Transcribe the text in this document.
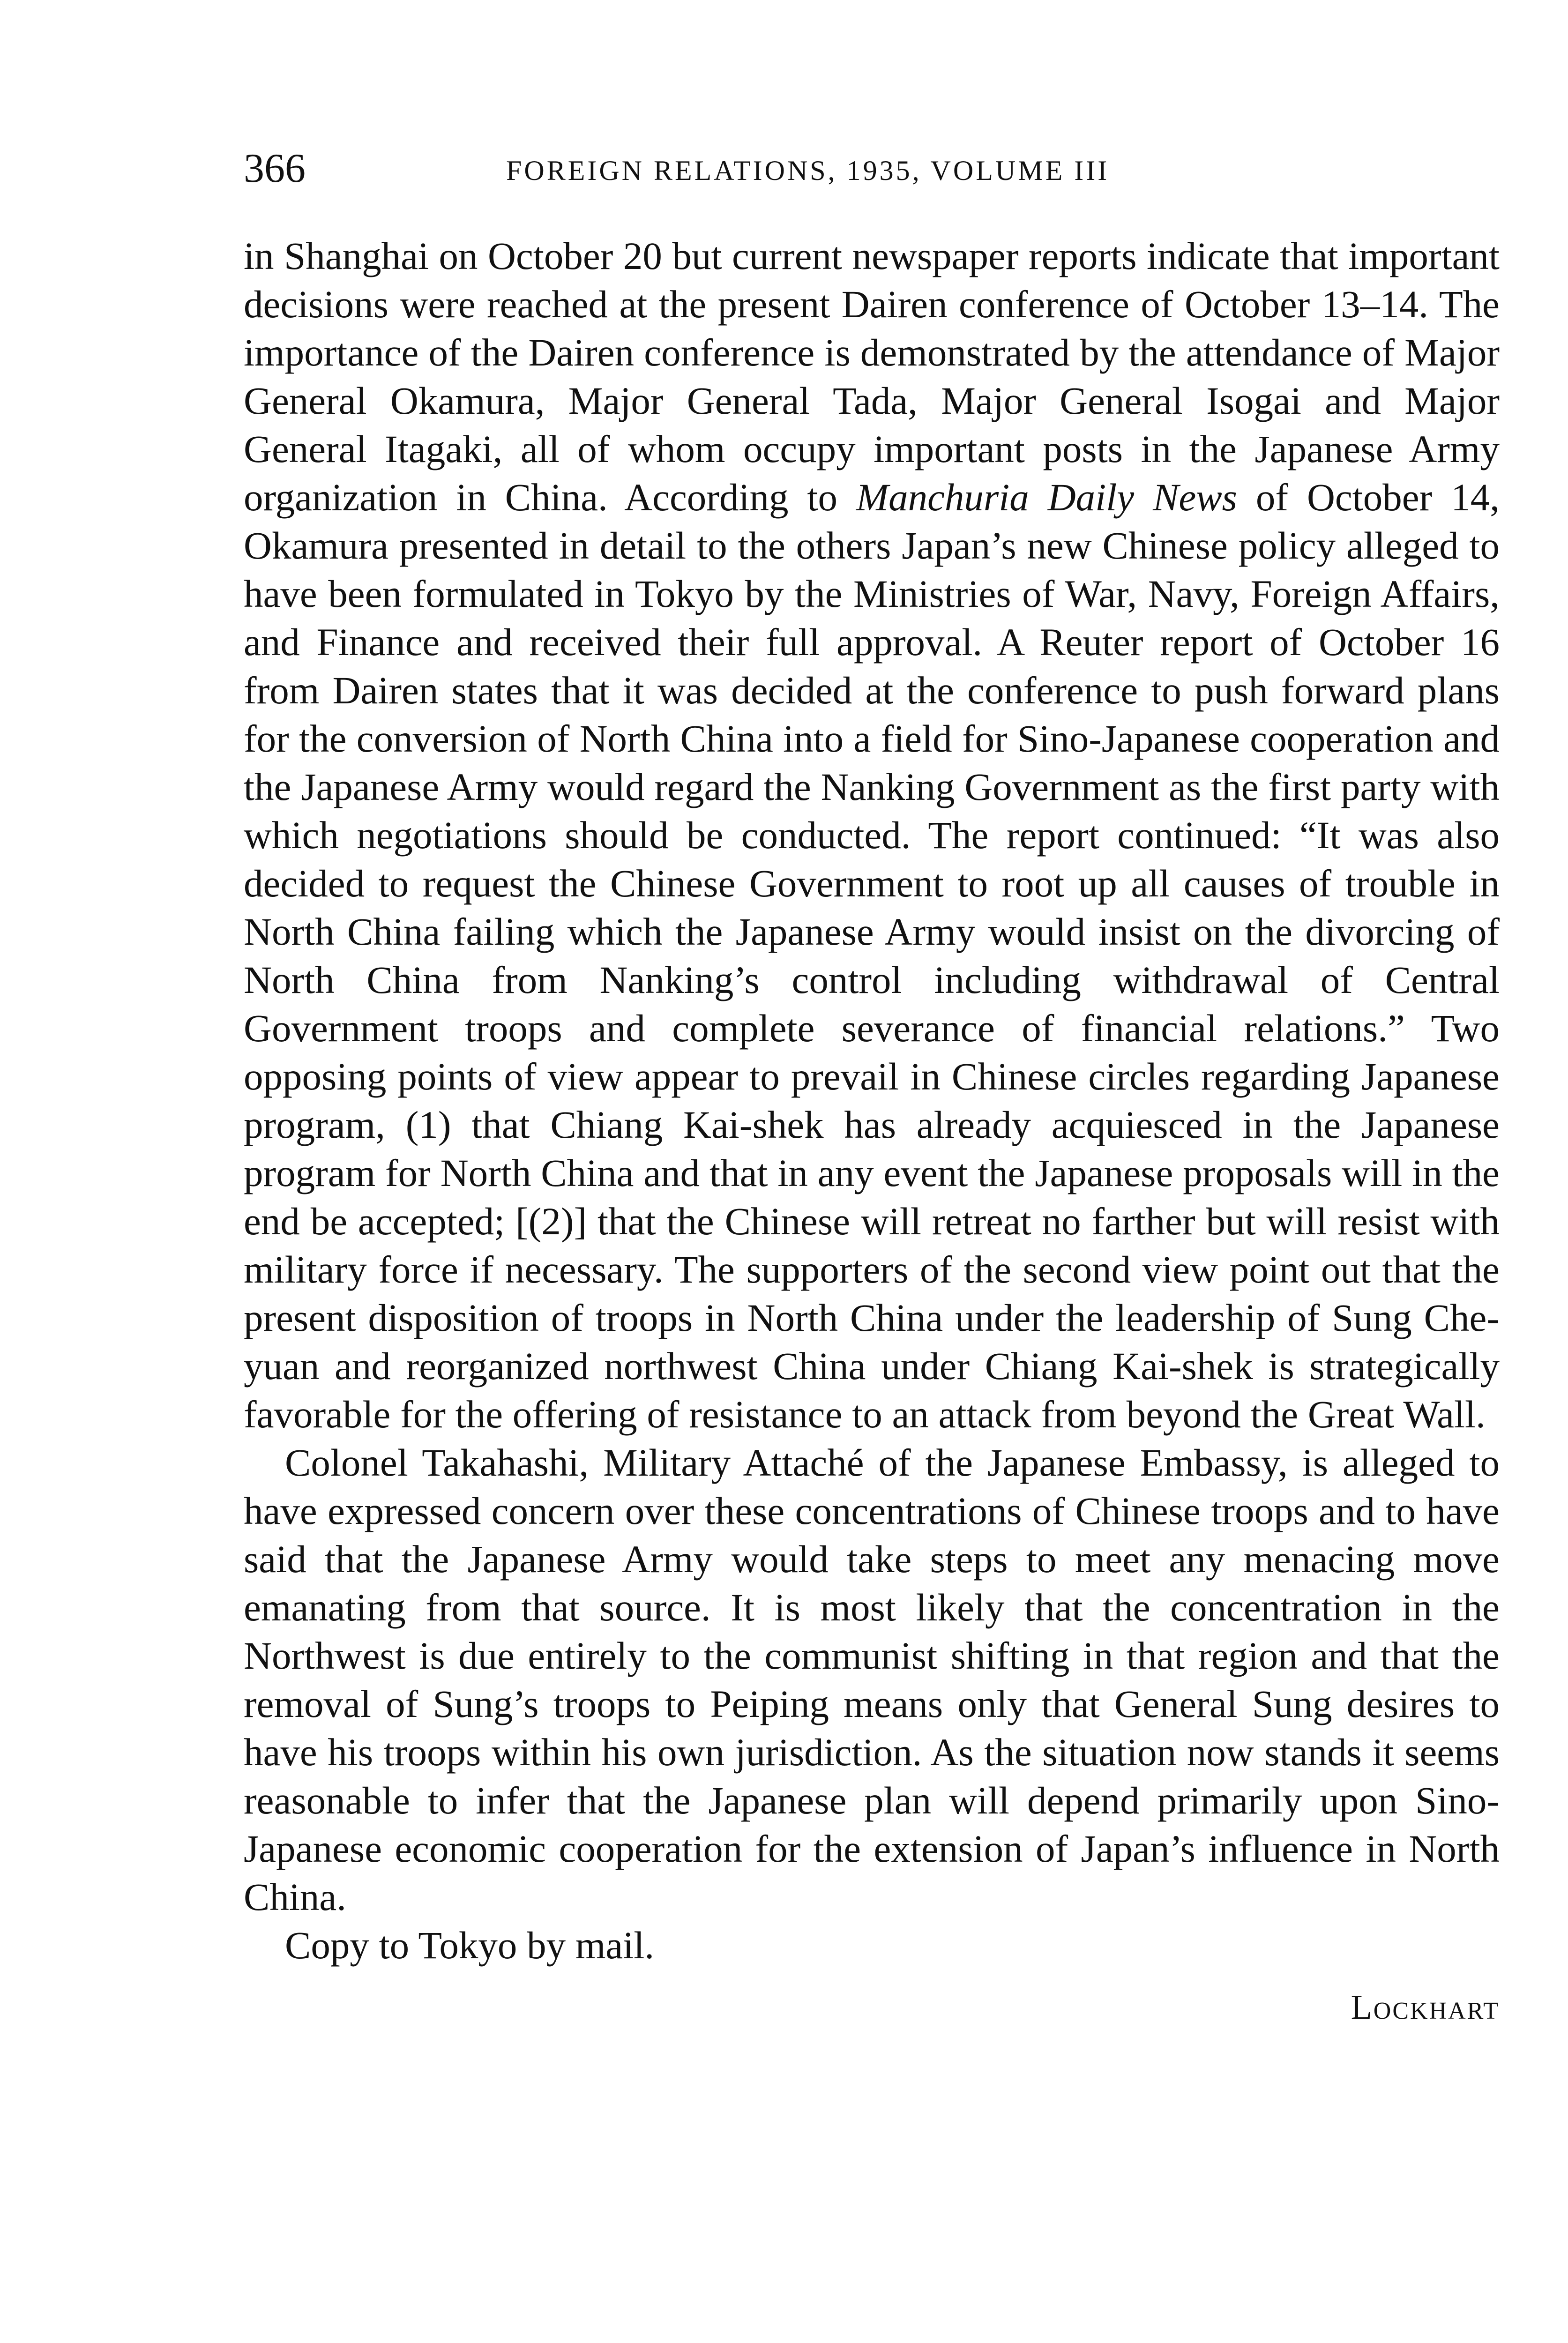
366	FOREIGN RELATIONS, 1935, VOLUME III

in Shanghai on October 20 but current newspaper reports indicate that important decisions were reached at the present Dairen conference of October 13–14. The importance of the Dairen conference is demonstrated by the attendance of Major General Okamura, Major General Tada, Major General Isogai and Major General Itagaki, all of whom occupy important posts in the Japanese Army organization in China. According to Manchuria Daily News of October 14, Okamura presented in detail to the others Japan’s new Chinese policy alleged to have been formulated in Tokyo by the Ministries of War, Navy, Foreign Affairs, and Finance and received their full approval. A Reuter report of October 16 from Dairen states that it was decided at the conference to push forward plans for the conversion of North China into a field for Sino-Japanese cooperation and the Japanese Army would regard the Nanking Government as the first party with which negotiations should be conducted. The report continued: “It was also decided to request the Chinese Government to root up all causes of trouble in North China failing which the Japanese Army would insist on the divorcing of North China from Nanking’s control including withdrawal of Central Government troops and complete severance of financial relations.” Two opposing points of view appear to prevail in Chinese circles regarding Japanese program, (1) that Chiang Kai-shek has already acquiesced in the Japanese program for North China and that in any event the Japanese proposals will in the end be accepted; [(2)] that the Chinese will retreat no farther but will resist with military force if necessary. The supporters of the second view point out that the present disposition of troops in North China under the leadership of Sung Che-yuan and reorganized northwest China under Chiang Kai-shek is strategically favorable for the offering of resistance to an attack from beyond the Great Wall.

Colonel Takahashi, Military Attaché of the Japanese Embassy, is alleged to have expressed concern over these concentrations of Chinese troops and to have said that the Japanese Army would take steps to meet any menacing move emanating from that source. It is most likely that the concentration in the Northwest is due entirely to the communist shifting in that region and that the removal of Sung’s troops to Peiping means only that General Sung desires to have his troops within his own jurisdiction. As the situation now stands it seems reasonable to infer that the Japanese plan will depend primarily upon Sino-Japanese economic cooperation for the extension of Japan’s influence in North China.

Copy to Tokyo by mail.

Lockhart
